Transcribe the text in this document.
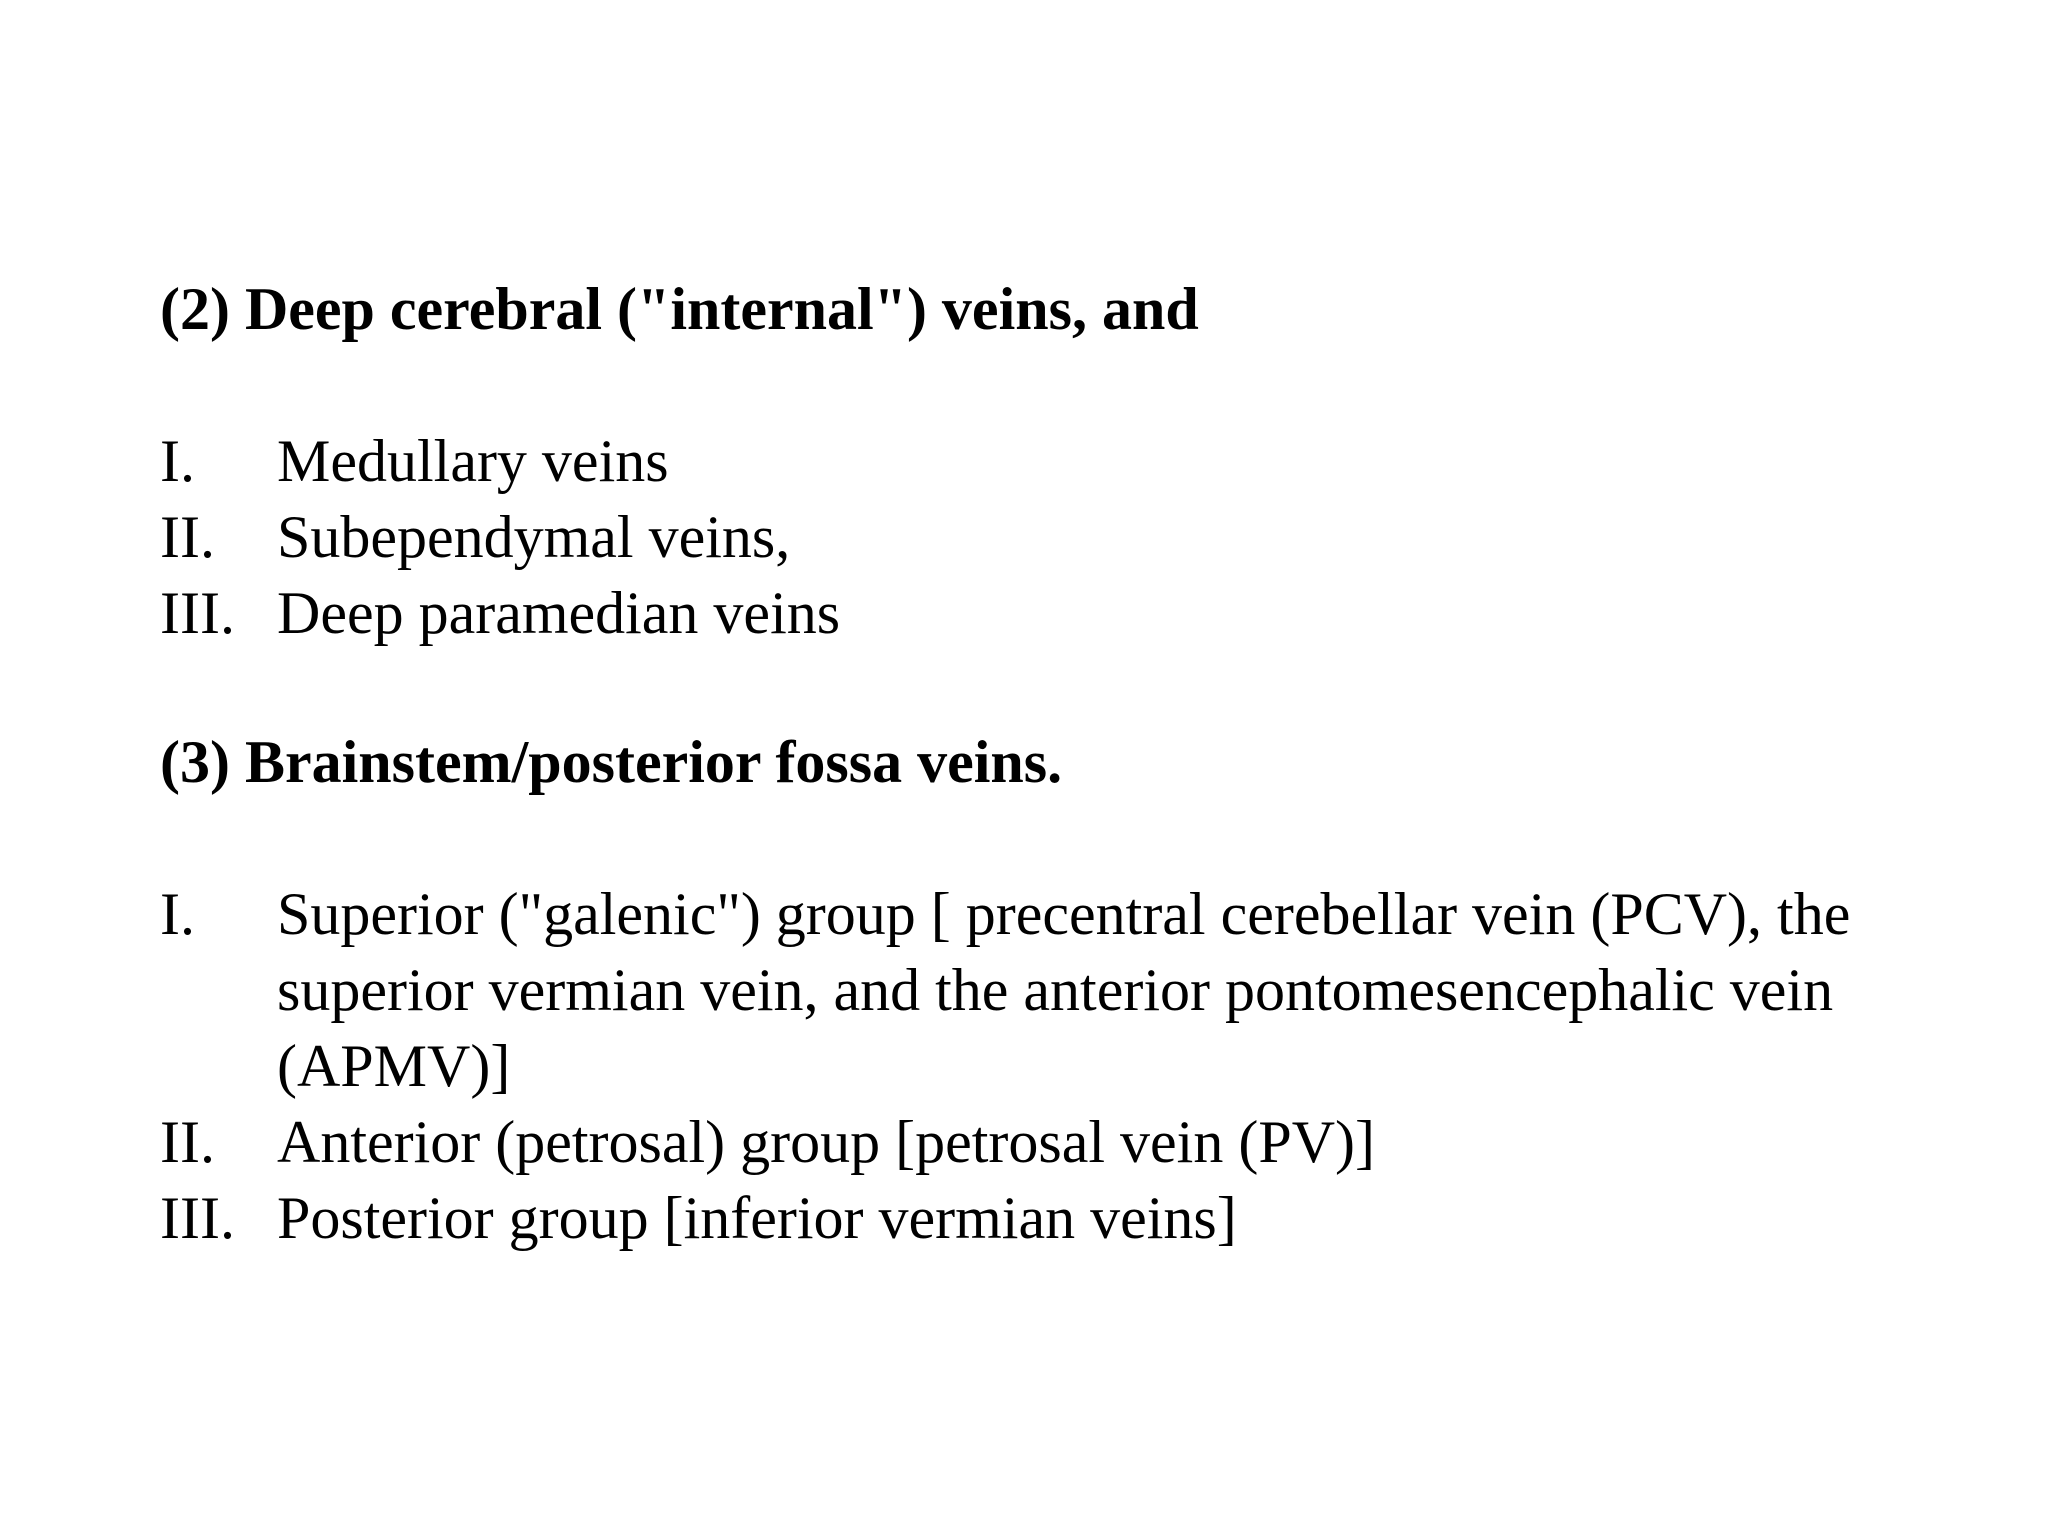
(2) Deep cerebral ("internal") veins, and

I.	Medullary veins
II.	Subependymal veins,
III. Deep paramedian veins

(3) Brainstem/posterior fossa veins.

I.	Superior ("galenic") group [ precentral cerebellar vein (PCV), the superior vermian vein, and the anterior pontomesencephalic vein (APMV)]
II.	Anterior (petrosal) group [petrosal vein (PV)]
III. Posterior group [inferior vermian veins]
